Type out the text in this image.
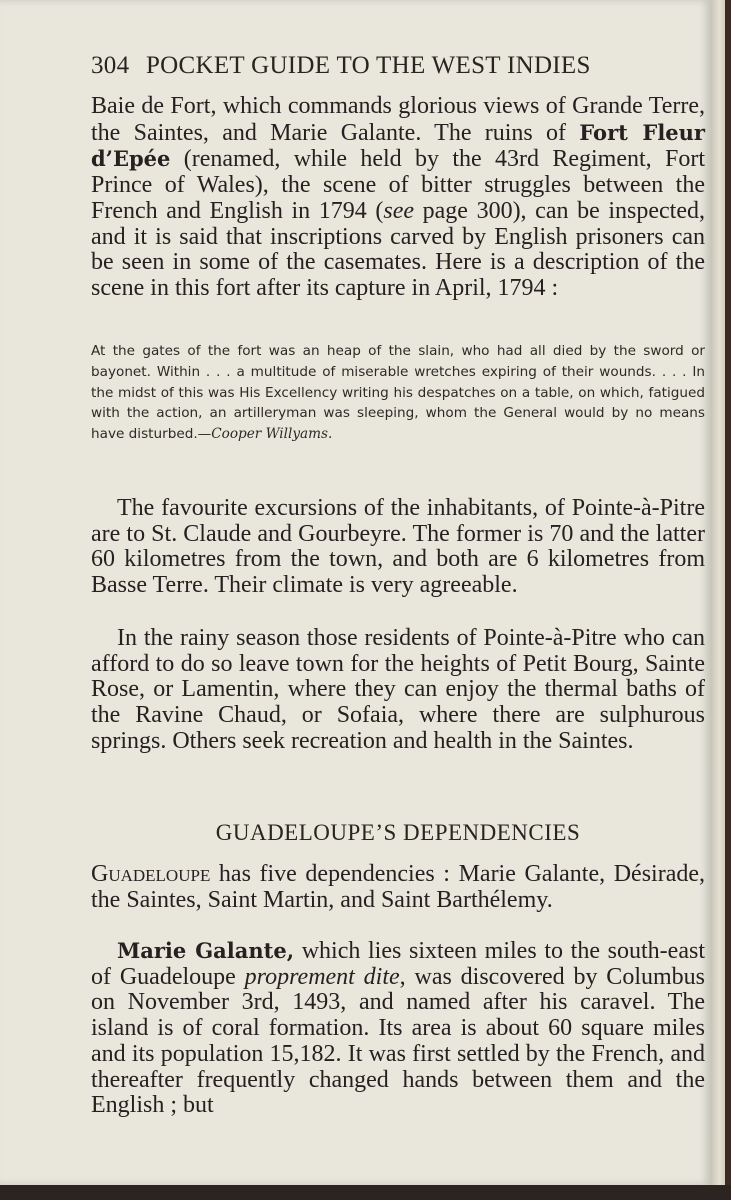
304 POCKET GUIDE TO THE WEST INDIES

Baie de Fort, which commands glorious views of Grande Terre, the Saintes, and Marie Galante. The ruins of Fort Fleur d’Epée (renamed, while held by the 43rd Regiment, Fort Prince of Wales), the scene of bitter struggles between the French and English in 1794 (see page 300), can be inspected, and it is said that inscriptions carved by English prisoners can be seen in some of the casemates. Here is a description of the scene in this fort after its capture in April, 1794 :

At the gates of the fort was an heap of the slain, who had all died by the sword or bayonet. Within . . . a multitude of miserable wretches expiring of their wounds. . . . In the midst of this was His Excellency writing his despatches on a table, on which, fatigued with the action, an artilleryman was sleeping, whom the General would by no means have disturbed.—Cooper Willyams.

The favourite excursions of the inhabitants, of Pointe-à-Pitre are to St. Claude and Gourbeyre. The former is 70 and the latter 60 kilometres from the town, and both are 6 kilometres from Basse Terre. Their climate is very agreeable.

In the rainy season those residents of Pointe-à-Pitre who can afford to do so leave town for the heights of Petit Bourg, Sainte Rose, or Lamentin, where they can enjoy the thermal baths of the Ravine Chaud, or Sofaia, where there are sulphurous springs. Others seek recreation and health in the Saintes.

GUADELOUPE’S DEPENDENCIES

Guadeloupe has five dependencies : Marie Galante, Désirade, the Saintes, Saint Martin, and Saint Barthélemy.

Marie Galante, which lies sixteen miles to the south-east of Guadeloupe proprement dite, was discovered by Columbus on November 3rd, 1493, and named after his caravel. The island is of coral formation. Its area is about 60 square miles and its population 15,182. It was first settled by the French, and thereafter frequently changed hands between them and the English ; but
